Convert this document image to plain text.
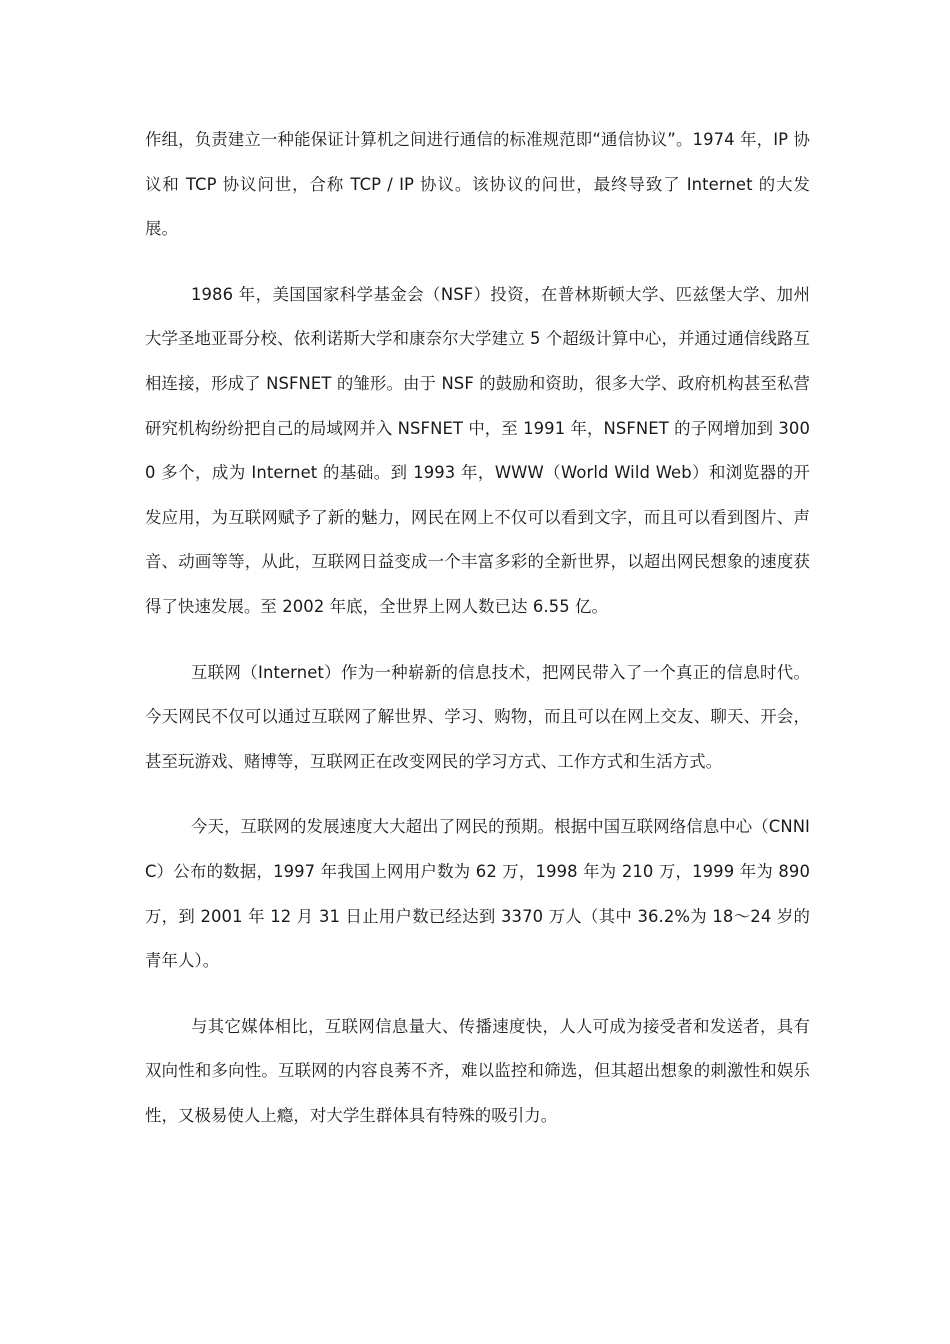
作组，负责建立一种能保证计算机之间进行通信的标准规范即“通信协议”。1974 年，IP 协议和 TCP 协议问世，合称 TCP / IP 协议。该协议的问世，最终导致了 Internet 的大发展。

1986 年，美国国家科学基金会（NSF）投资，在普林斯顿大学、匹兹堡大学、加州大学圣地亚哥分校、依利诺斯大学和康奈尔大学建立 5 个超级计算中心，并通过通信线路互相连接，形成了 NSFNET 的雏形。由于 NSF 的鼓励和资助，很多大学、政府机构甚至私营研究机构纷纷把自己的局域网并入 NSFNET 中，至 1991 年，NSFNET 的子网增加到 3000 多个，成为 Internet 的基础。到 1993 年，WWW（World Wild Web）和浏览器的开发应用，为互联网赋予了新的魅力，网民在网上不仅可以看到文字，而且可以看到图片、声音、动画等等，从此，互联网日益变成一个丰富多彩的全新世界，以超出网民想象的速度获得了快速发展。至 2002 年底，全世界上网人数已达 6.55 亿。

互联网（Internet）作为一种崭新的信息技术，把网民带入了一个真正的信息时代。今天网民不仅可以通过互联网了解世界、学习、购物，而且可以在网上交友、聊天、开会，甚至玩游戏、赌博等，互联网正在改变网民的学习方式、工作方式和生活方式。

今天，互联网的发展速度大大超出了网民的预期。根据中国互联网络信息中心（CNNIC）公布的数据，1997 年我国上网用户数为 62 万，1998 年为 210 万，1999 年为 890 万，到 2001 年 12 月 31 日止用户数已经达到 3370 万人（其中 36.2%为 18～24 岁的青年人）。

与其它媒体相比，互联网信息量大、传播速度快，人人可成为接受者和发送者，具有双向性和多向性。互联网的内容良莠不齐，难以监控和筛选，但其超出想象的刺激性和娱乐性，又极易使人上瘾，对大学生群体具有特殊的吸引力。
